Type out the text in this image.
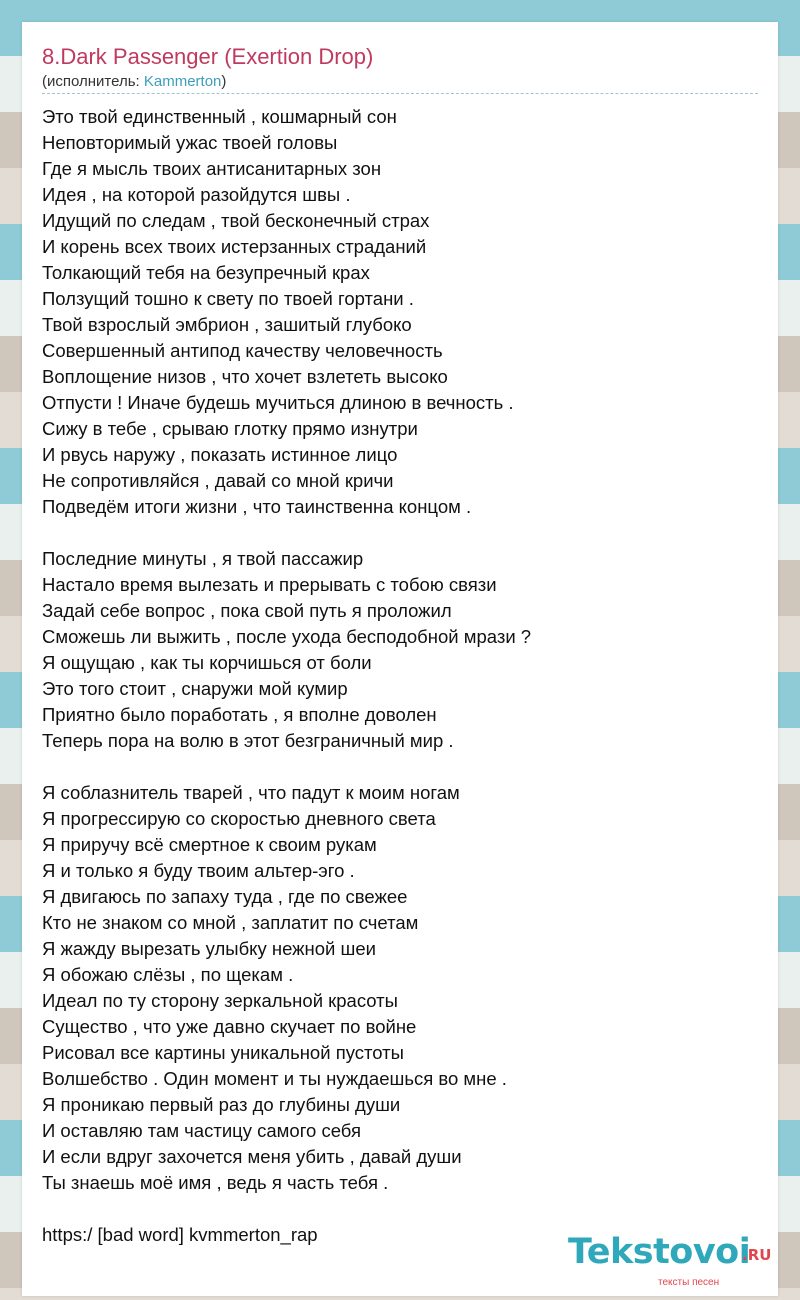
8.Dark Passenger (Exertion Drop)
(исполнитель: Kammerton)
Это твой единственный , кошмарный сон
Неповторимый ужас твоей головы
Где я мысль твоих антисанитарных зон
Идея , на которой разойдутся швы .
Идущий по следам , твой бесконечный страх
И корень всех твоих истерзанных страданий
Толкающий тебя на безупречный крах
Ползущий тошно к свету по твоей гортани .
Твой взрослый эмбрион , зашитый глубоко
Совершенный антипод качеству человечность
Воплощение низов , что хочет взлететь высоко
Отпусти ! Иначе будешь мучиться длиною в вечность .
Сижу в тебе , срываю глотку прямо изнутри
И рвусь наружу , показать истинное лицо
Не сопротивляйся , давай со мной кричи
Подведём итоги жизни , что таинственна концом .
Последние минуты , я твой пассажир
Настало время вылезать и прерывать с тобою связи
Задай себе вопрос , пока свой путь я проложил
Сможешь ли выжить , после ухода бесподобной мрази ?
Я ощущаю , как ты корчишься от боли
Это того стоит , снаружи мой кумир
Приятно было поработать , я вполне доволен
Теперь пора на волю в этот безграничный мир .
Я соблазнитель тварей , что падут к моим ногам
Я прогрессирую со скоростью дневного света
Я приручу всё смертное к своим рукам
Я и только я буду твоим альтер-эго .
Я двигаюсь по запаху туда , где по свежее
Кто не знаком со мной , заплатит по счетам
Я жажду вырезать улыбку нежной шеи
Я обожаю слёзы , по щекам .
Идеал по ту сторону зеркальной красоты
Существо , что уже давно скучает по войне
Рисовал все картины уникальной пустоты
Волшебство . Один момент и ты нуждаешься во мне .
Я проникаю первый раз до глубины души
И оставляю там частицу самого себя
И если вдруг захочется меня убить , давай души
Ты знаешь моё имя , ведь я часть тебя .
https:/ [bad word] kvmmerton_rap	Tekstovoi
.RU
тексты песен
